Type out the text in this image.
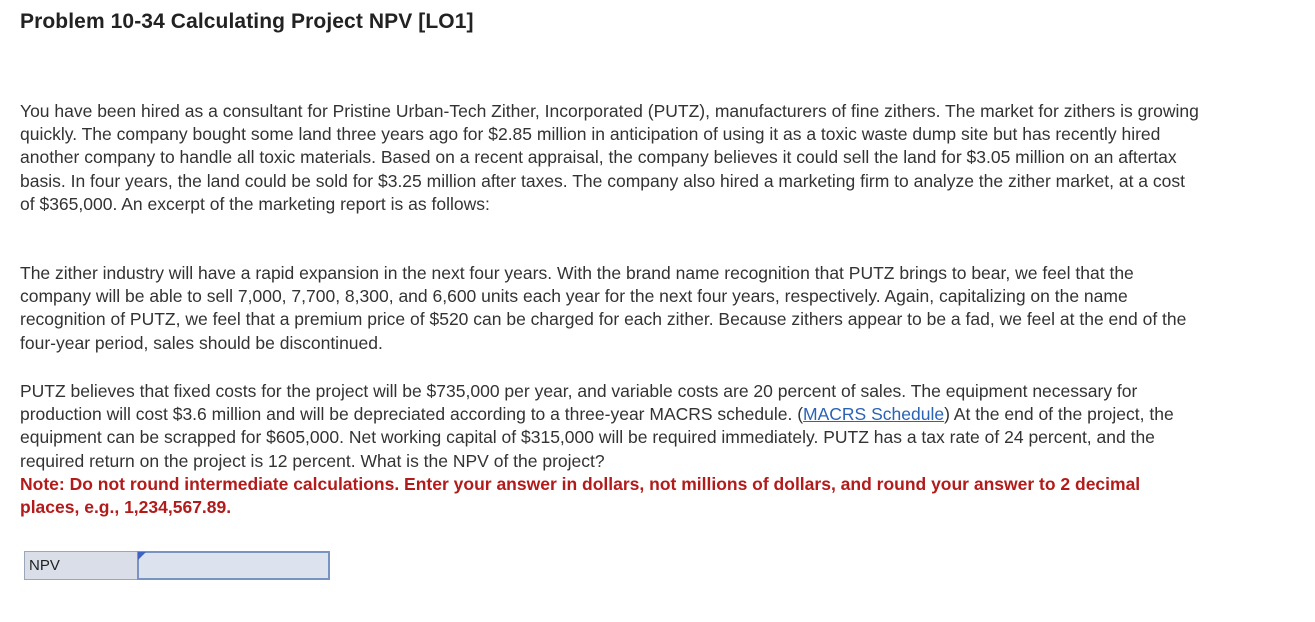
Problem 10-34 Calculating Project NPV [LO1]

You have been hired as a consultant for Pristine Urban-Tech Zither, Incorporated (PUTZ), manufacturers of fine zithers. The market for zithers is growing quickly. The company bought some land three years ago for $2.85 million in anticipation of using it as a toxic waste dump site but has recently hired another company to handle all toxic materials. Based on a recent appraisal, the company believes it could sell the land for $3.05 million on an aftertax basis. In four years, the land could be sold for $3.25 million after taxes. The company also hired a marketing firm to analyze the zither market, at a cost of $365,000. An excerpt of the marketing report is as follows:

The zither industry will have a rapid expansion in the next four years. With the brand name recognition that PUTZ brings to bear, we feel that the company will be able to sell 7,000, 7,700, 8,300, and 6,600 units each year for the next four years, respectively. Again, capitalizing on the name recognition of PUTZ, we feel that a premium price of $520 can be charged for each zither. Because zithers appear to be a fad, we feel at the end of the four-year period, sales should be discontinued.

PUTZ believes that fixed costs for the project will be $735,000 per year, and variable costs are 20 percent of sales. The equipment necessary for production will cost $3.6 million and will be depreciated according to a three-year MACRS schedule. (MACRS Schedule) At the end of the project, the equipment can be scrapped for $605,000. Net working capital of $315,000 will be required immediately. PUTZ has a tax rate of 24 percent, and the required return on the project is 12 percent. What is the NPV of the project?
Note: Do not round intermediate calculations. Enter your answer in dollars, not millions of dollars, and round your answer to 2 decimal places, e.g., 1,234,567.89.

NPV
